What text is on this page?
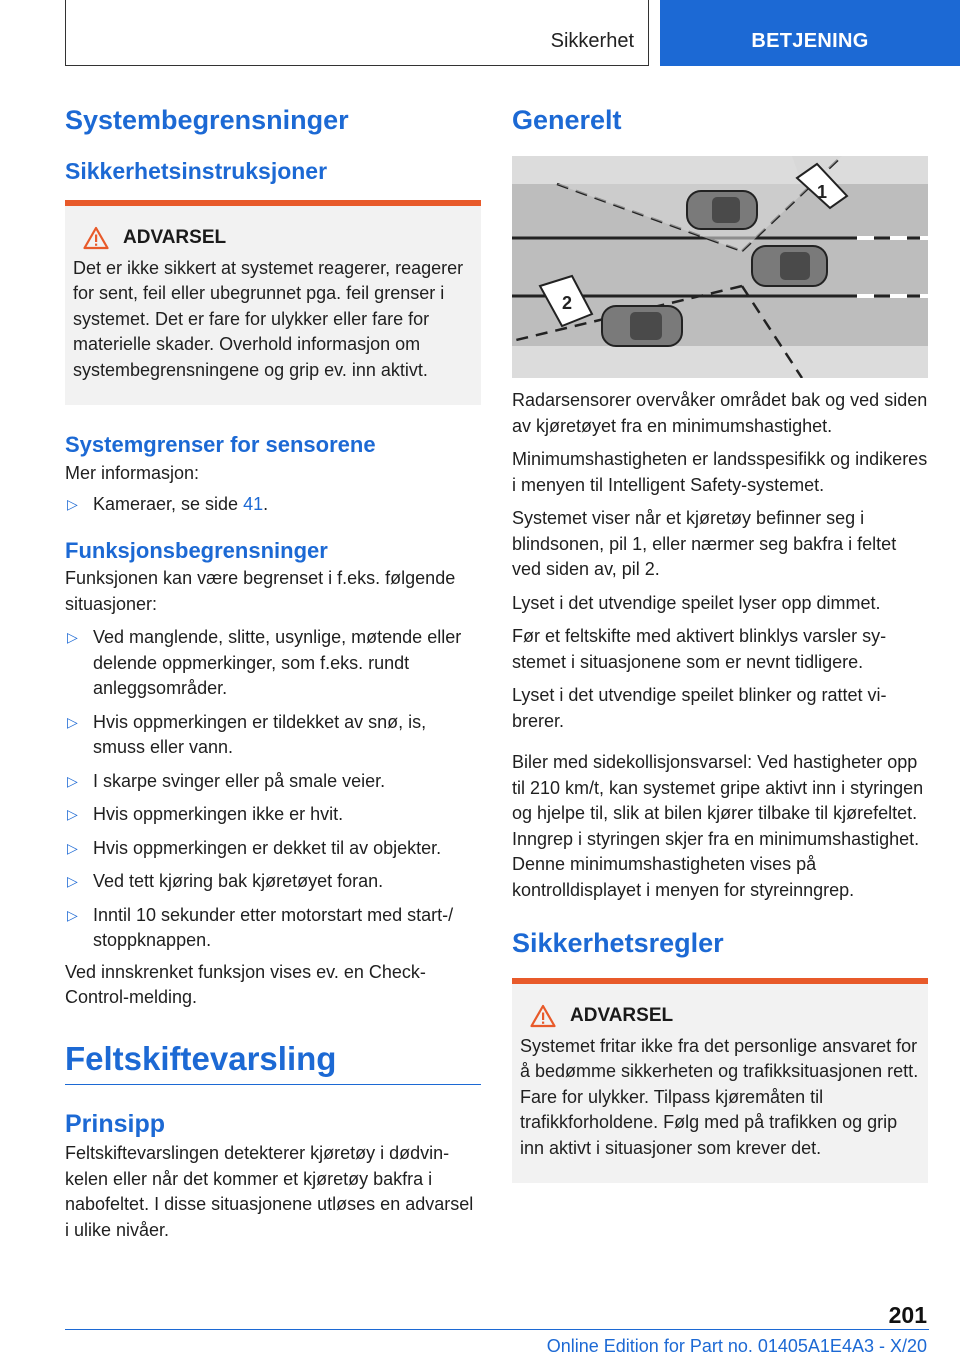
Sikkerhet	BETJENING
Systembegrensninger
Sikkerhetsinstruksjoner
ADVARSEL

Det er ikke sikkert at systemet reagerer, reagerer for sent, feil eller ubegrunnet pga. feil grenser i systemet. Det er fare for ulykker eller fare for materielle skader. Overhold informasjon om systembegrensningene og grip ev. inn aktivt.

Systemgrenser for sensorene

Mer informasjon:

▷ Kameraer, se side 41.
Funksjonsbegrensninger

Funksjonen kan være begrenset i f.eks. følgende situasjoner:

▷ Ved manglende, slitte, usynlige, møtende eller delende oppmerkinger, som f.eks. rundt anleggsområder.
▷ Hvis oppmerkingen er tildekket av snø, is, smuss eller vann.
▷ I skarpe svinger eller på smale veier.
▷ Hvis oppmerkingen ikke er hvit.
▷ Hvis oppmerkingen er dekket til av objekter.
▷ Ved tett kjøring bak kjøretøyet foran.
▷ Inntil 10 sekunder etter motorstart med start-/ stoppknappen.

Ved innskrenket funksjon vises ev. en Check-Control-melding.

Feltskiftevarsling
Prinsipp

Feltskiftevarslingen detekterer kjøretøy i dødvinkelen eller når det kommer et kjøretøy bakfra i nabofeltet. I disse situasjonene utløses en advarsel i ulike nivåer.

Generelt
1
2

Radarsensorer overvåker området bak og ved siden av kjøretøyet fra en minimumshastighet.

Minimumshastigheten er landsspesifikk og indikeres i menyen til Intelligent Safety-systemet.

Systemet viser når et kjøretøy befinner seg i blindsonen, pil 1, eller nærmer seg bakfra i feltet ved siden av, pil 2.

Lyset i det utvendige speilet lyser opp dimmet.

Før et feltskifte med aktivert blinklys varsler systemet i situasjonene som er nevnt tidligere.

Lyset i det utvendige speilet blinker og rattet vibrerer.

Biler med sidekollisjonsvarsel: Ved hastigheter opp til 210 km/t, kan systemet gripe aktivt inn i styringen og hjelpe til, slik at bilen kjører tilbake til kjørefeltet. Inngrep i styringen skjer fra en minimumshastighet. Denne minimumshastigheten vises på kontrolldisplayet i menyen for styreinngrep.

Sikkerhetsregler
ADVARSEL

Systemet fritar ikke fra det personlige ansvaret for å bedømme sikkerheten og trafikksituasjonen rett. Fare for ulykker. Tilpass kjøremåten til trafikkforholdene. Følg med på trafikken og grip inn aktivt i situasjoner som krever det.

201
Online Edition for Part no. 01405A1E4A3 - X/20
